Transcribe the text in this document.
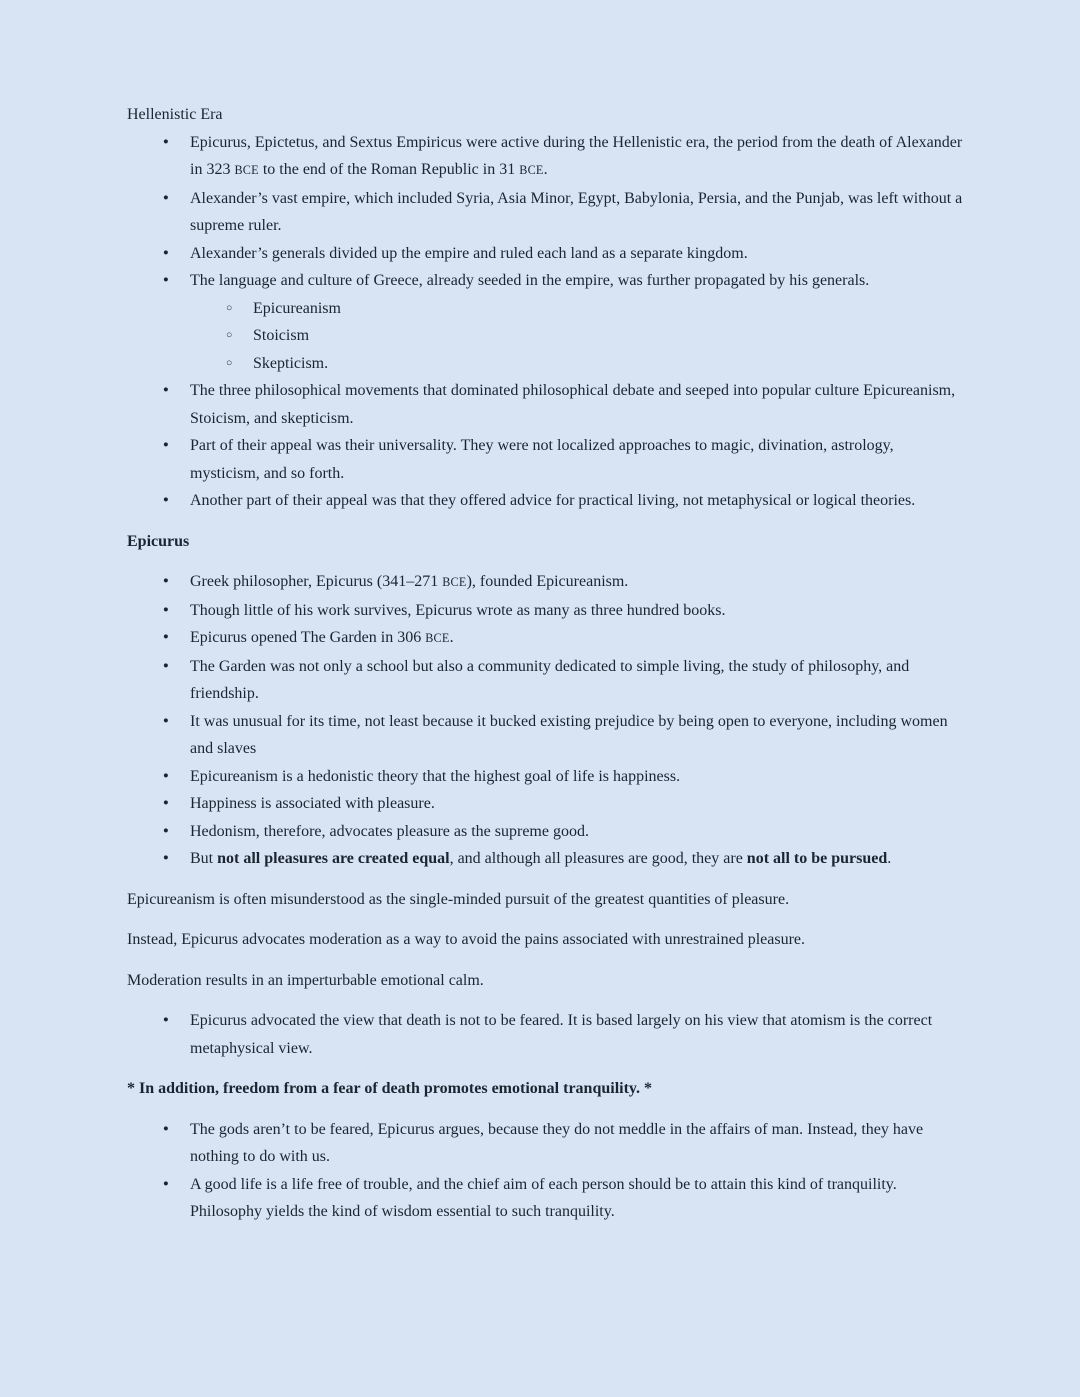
Hellenistic Era

●	Epicurus, Epictetus, and Sextus Empiricus were active during the Hellenistic era, the period from the death of Alexander in 323 BCE to the end of the Roman Republic in 31 BCE.
●	Alexander’s vast empire, which included Syria, Asia Minor, Egypt, Babylonia, Persia, and the Punjab, was left without a supreme ruler.
●	Alexander’s generals divided up the empire and ruled each land as a separate kingdom.
●	The language and culture of Greece, already seeded in the empire, was further propagated by his generals.
○	Epicureanism
○	Stoicism
○	Skepticism.
●	The three philosophical movements that dominated philosophical debate and seeped into popular culture Epicureanism, Stoicism, and skepticism.
●	Part of their appeal was their universality. They were not localized approaches to magic, divination, astrology, mysticism, and so forth.
●	Another part of their appeal was that they offered advice for practical living, not metaphysical or logical theories.

Epicurus

●	Greek philosopher, Epicurus (341–271 BCE), founded Epicureanism.
●	Though little of his work survives, Epicurus wrote as many as three hundred books.
●	Epicurus opened The Garden in 306 BCE.
●	The Garden was not only a school but also a community dedicated to simple living, the study of philosophy, and friendship.
●	It was unusual for its time, not least because it bucked existing prejudice by being open to everyone, including women and slaves
●	Epicureanism is a hedonistic theory that the highest goal of life is happiness.
●	Happiness is associated with pleasure.
●	Hedonism, therefore, advocates pleasure as the supreme good.
●	But not all pleasures are created equal, and although all pleasures are good, they are not all to be pursued.

Epicureanism is often misunderstood as the single-minded pursuit of the greatest quantities of pleasure.

Instead, Epicurus advocates moderation as a way to avoid the pains associated with unrestrained pleasure.

Moderation results in an imperturbable emotional calm.

●	Epicurus advocated the view that death is not to be feared. It is based largely on his view that atomism is the correct metaphysical view.

* In addition, freedom from a fear of death promotes emotional tranquility. *

●	The gods aren’t to be feared, Epicurus argues, because they do not meddle in the affairs of man. Instead, they have nothing to do with us.
●	A good life is a life free of trouble, and the chief aim of each person should be to attain this kind of tranquility. Philosophy yields the kind of wisdom essential to such tranquility.
